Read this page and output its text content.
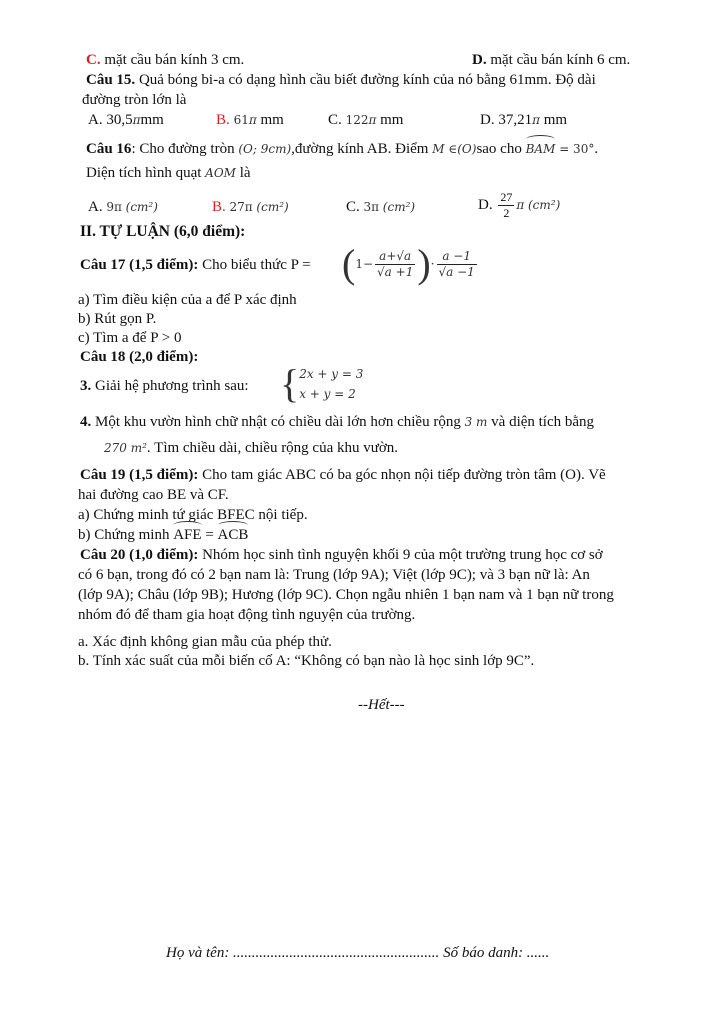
C. mặt cầu bán kính 3 cm.	D. mặt cầu bán kính 6 cm.
Câu 15. Quả bóng bi-a có dạng hình cầu biết đường kính của nó bằng 61mm. Độ dài
đường tròn lớn là
A. 30,5πmm	B. 61π mm	C. 122π mm	D. 37,21π mm
Câu 16: Cho đường tròn (O; 9cm),đường kính AB. Điểm M ∈(O)sao cho BAM = 30°.
Diện tích hình quạt AOM là
A. 9π (cm²)	B. 27π (cm²)	C. 3π (cm²)	D. $\frac{27}{2}$ π (cm²)
II. TỰ LUẬN (6,0 điểm):
Câu 17 (1,5 điểm): Cho biểu thức $P = (1- \frac{a+√a}{√a +1}$ )· $\frac{a -1}{√a -1}$
a) Tìm điều kiện của a để P xác định
b) Rút gọn P.
c) Tìm a để P > 0
Câu 18 (2,0 điểm):
3. Giải hệ phương trình sau: { 2x + y = 3
x + y = 2
4. Một khu vườn hình chữ nhật có chiều dài lớn hơn chiều rộng 3 m và diện tích bằng
270 m². Tìm chiều dài, chiều rộng của khu vườn.
Câu 19 (1,5 điểm): Cho tam giác ABC có ba góc nhọn nội tiếp đường tròn tâm (O). Vẽ
hai đường cao BE và CF.
a) Chứng minh tứ giác BFEC nội tiếp.
b) Chứng minh AFE = ACB
Câu 20 (1,0 điểm): Nhóm học sinh tình nguyện khối 9 của một trường trung học cơ sở
có 6 bạn, trong đó có 2 bạn nam là: Trung (lớp 9A); Việt (lớp 9C); và 3 bạn nữ là: An
(lớp 9A); Châu (lớp 9B); Hương (lớp 9C). Chọn ngẫu nhiên 1 bạn nam và 1 bạn nữ trong
nhóm đó để tham gia hoạt động tình nguyện của trường.
a. Xác định không gian mẫu của phép thử.
b. Tính xác suất của mỗi biến cố A: “Không có bạn nào là học sinh lớp 9C”.
--Hết---
Họ và tên: ....................................................... Số báo danh: ......
